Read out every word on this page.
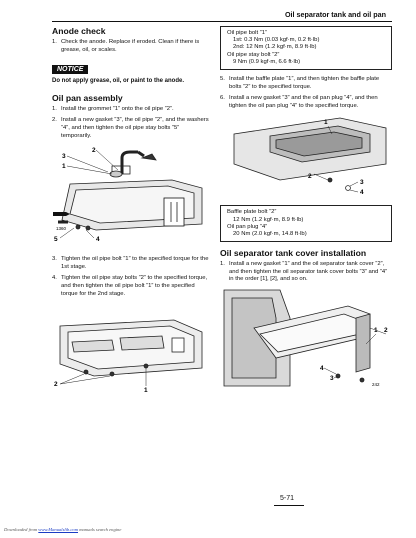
Oil separator tank and oil pan
Anode check
1. Check the anode. Replace if eroded. Clean if there is grease, oil, or scales.
NOTICE
Do not apply grease, oil, or paint to the anode.
Oil pan assembly
1. Install the grommet “1” onto the oil pipe “2”.
2. Install a new gasket “3”, the oil pipe “2”, and the washers “4”, and then tighten the oil pipe stay bolts “5” temporarily.
1360
2
3
1
5	4
3. Tighten the oil pipe bolt “1” to the specified torque for the 1st stage.
4. Tighten the oil pipe stay bolts “2” to the specified torque, and then tighten the oil pipe bolt “1” to the specified torque for the 2nd stage.
1
2
Oil pipe bolt “1”
1st: 0.3 Nm (0.03 kgf·m, 0.2 ft·lb)
2nd: 12 Nm (1.2 kgf·m, 8.9 ft·lb)
Oil pipe stay bolt “2”
9 Nm (0.9 kgf·m, 6.6 ft·lb)
5. Install the baffle plate “1”, and then tighten the baffle plate bolts “2” to the specified torque.
6. Install a new gasket “3” and the oil pan plug “4”, and then tighten the oil pan plug “4” to the specified torque.
1
2
3
4
Baffle plate bolt “2”
12 Nm (1.2 kgf·m, 8.9 ft·lb)
Oil pan plug “4”
20 Nm (2.0 kgf·m, 14.8 ft·lb)
Oil separator tank cover installation
1. Install a new gasket “1” and the oil separator tank cover “2”, and then tighten the oil separator tank cover bolts “3” and “4” in the order [1], [2], and so on.
1 2
3
4
242
5-71
Downloaded from www.Manualslib.com manuals search engine
